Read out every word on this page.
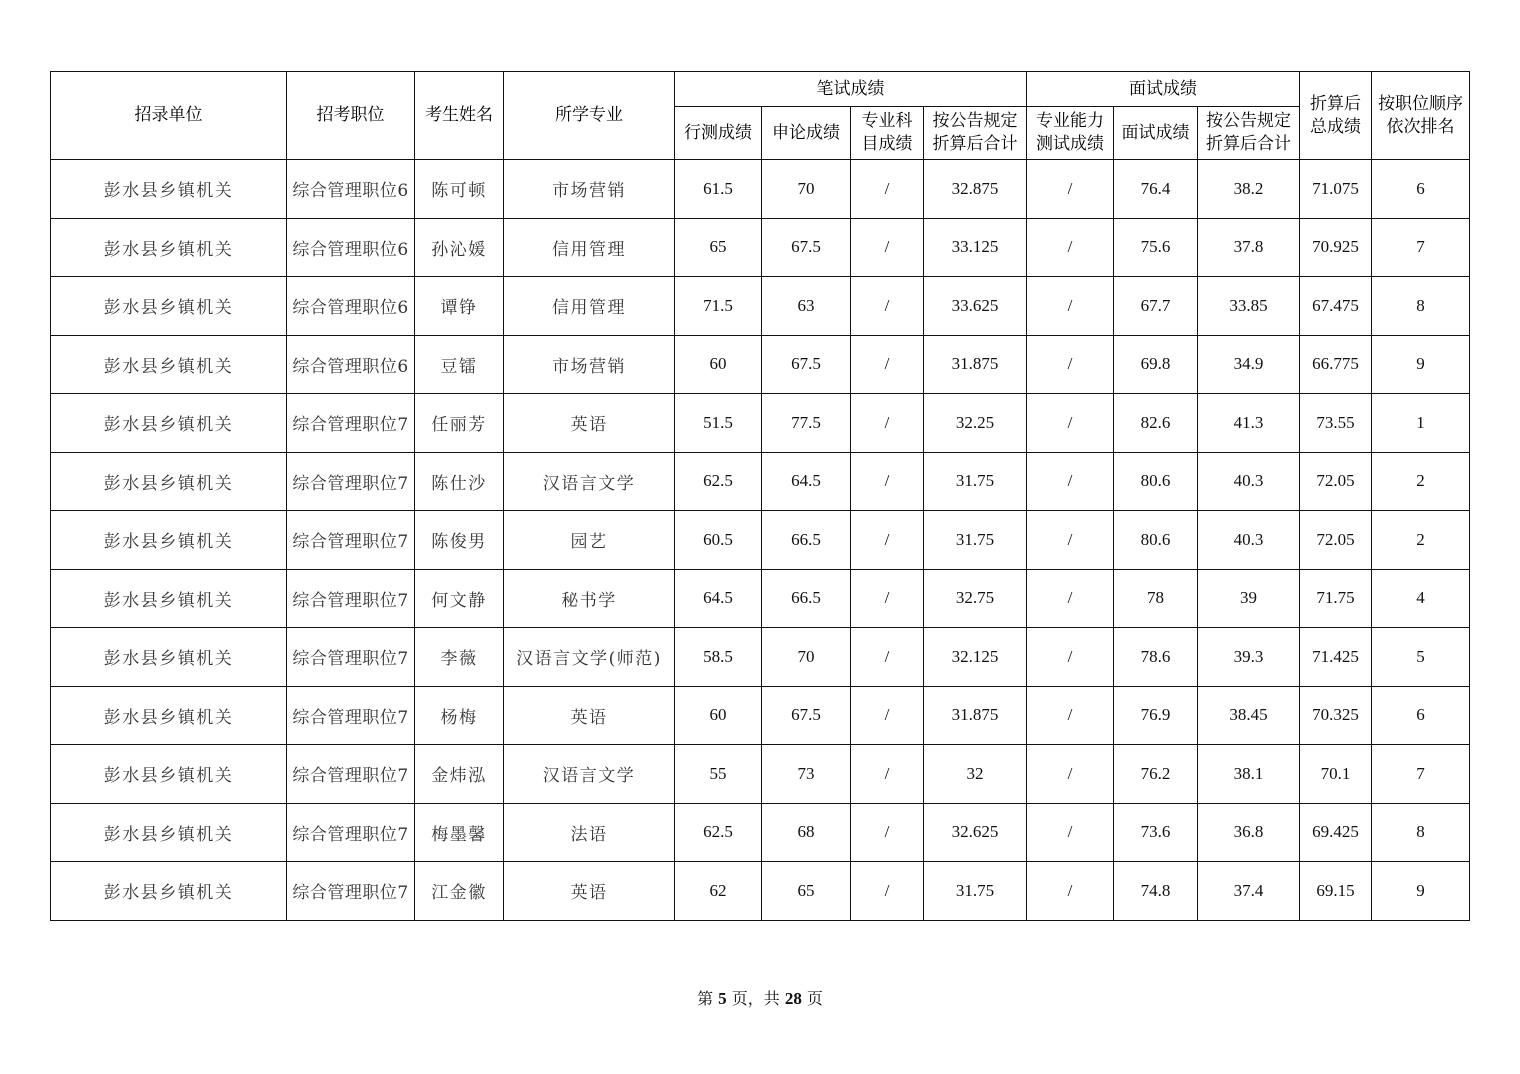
招录单位	招考职位	考生姓名	所学专业	笔试成绩				面试成绩			折算后总成绩	按职位顺序依次排名
				行测成绩	申论成绩	专业科目成绩	按公告规定折算后合计	专业能力测试成绩	面试成绩	按公告规定折算后合计		
彭水县乡镇机关	综合管理职位6	陈可顿	市场营销	61.5	70	/	32.875	/	76.4	38.2	71.075	6
彭水县乡镇机关	综合管理职位6	孙沁媛	信用管理	65	67.5	/	33.125	/	75.6	37.8	70.925	7
彭水县乡镇机关	综合管理职位6	谭铮	信用管理	71.5	63	/	33.625	/	67.7	33.85	67.475	8
彭水县乡镇机关	综合管理职位6	豆镭	市场营销	60	67.5	/	31.875	/	69.8	34.9	66.775	9
彭水县乡镇机关	综合管理职位7	任丽芳	英语	51.5	77.5	/	32.25	/	82.6	41.3	73.55	1
彭水县乡镇机关	综合管理职位7	陈仕沙	汉语言文学	62.5	64.5	/	31.75	/	80.6	40.3	72.05	2
彭水县乡镇机关	综合管理职位7	陈俊男	园艺	60.5	66.5	/	31.75	/	80.6	40.3	72.05	2
彭水县乡镇机关	综合管理职位7	何文静	秘书学	64.5	66.5	/	32.75	/	78	39	71.75	4
彭水县乡镇机关	综合管理职位7	李薇	汉语言文学(师范)	58.5	70	/	32.125	/	78.6	39.3	71.425	5
彭水县乡镇机关	综合管理职位7	杨梅	英语	60	67.5	/	31.875	/	76.9	38.45	70.325	6
彭水县乡镇机关	综合管理职位7	金炜泓	汉语言文学	55	73	/	32	/	76.2	38.1	70.1	7
彭水县乡镇机关	综合管理职位7	梅墨馨	法语	62.5	68	/	32.625	/	73.6	36.8	69.425	8
彭水县乡镇机关	综合管理职位7	江金徽	英语	62	65	/	31.75	/	74.8	37.4	69.15	9
第 5 页，共 28 页
